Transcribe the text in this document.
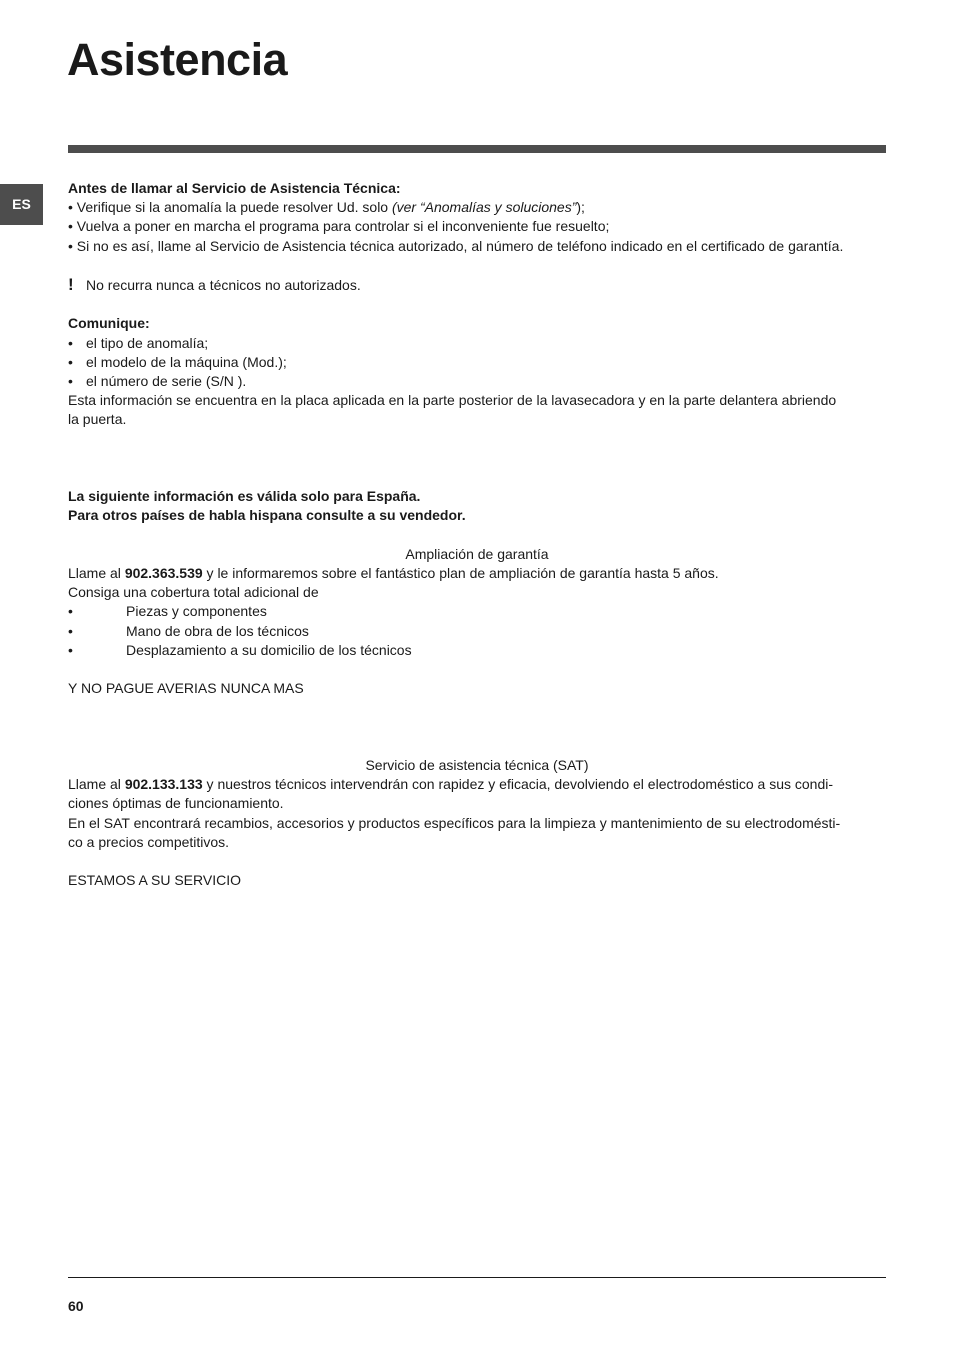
Asistencia
ES

Antes de llamar al Servicio de Asistencia Técnica:

• Verifique si la anomalía la puede resolver Ud. solo (ver “Anomalías y soluciones”);

• Vuelva a poner en marcha el programa para controlar si el inconveniente fue resuelto;

• Si no es así, llame al Servicio de Asistencia técnica autorizado, al número de teléfono indicado en el certificado de garantía.

! No recurra nunca a técnicos no autorizados.

Comunique:

• el tipo de anomalía;

• el modelo de la máquina (Mod.);

• el número de serie (S/N ).

Esta información se encuentra en la placa aplicada en la parte posterior de la lavasecadora y en la parte delantera abriendo

la puerta.

La siguiente información es válida solo para España.

Para otros países de habla hispana consulte a su vendedor.

Ampliación de garantía

Llame al 902.363.539 y le informaremos sobre el fantástico plan de ampliación de garantía hasta 5 años.

Consiga una cobertura total adicional de

•	Piezas y componentes
•	Mano de obra de los técnicos
•	Desplazamiento a su domicilio de los técnicos

Y NO PAGUE AVERIAS NUNCA MAS

Servicio de asistencia técnica (SAT)

Llame al 902.133.133 y nuestros técnicos intervendrán con rapidez y eficacia, devolviendo el electrodoméstico a sus condi-

ciones óptimas de funcionamiento.

En el SAT encontrará recambios, accesorios y productos específicos para la limpieza y mantenimiento de su electrodomésti-

co a precios competitivos.

ESTAMOS A SU SERVICIO

60
